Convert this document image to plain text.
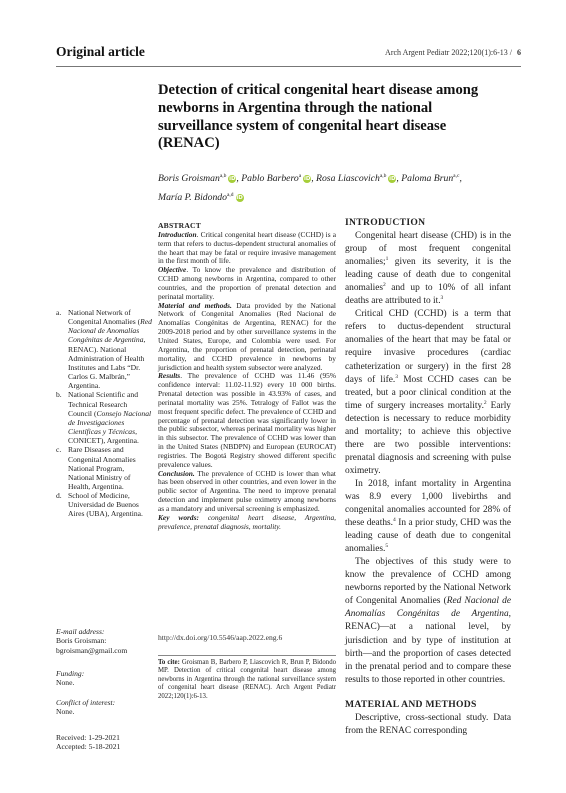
Original article	Arch Argent Pediatr 2022;120(1):6-13 / 6
Detection of critical congenital heart disease among newborns in Argentina through the national surveillance system of congenital heart disease (RENAC)
Boris Groisman$^{a,b}$iD, Pablo Barbero$^a$iD, Rosa Liascovich$^{a,b}$iD, Paloma Brun$^{a,c}$,
María P. Bidondo$^{a,d}$iD
ABSTRACT

Introduction. Critical congenital heart disease (CCHD) is a term that refers to ductus-dependent structural anomalies of the heart that may be fatal or require invasive management in the first month of life.

Objective. To know the prevalence and distribution of CCHD among newborns in Argentina, compared to other countries, and the proportion of prenatal detection and perinatal mortality.

Material and methods. Data provided by the National Network of Congenital Anomalies (Red Nacional de Anomalías Congénitas de Argentina, RENAC) for the 2009-2018 period and by other surveillance systems in the United States, Europe, and Colombia were used. For Argentina, the proportion of prenatal detection, perinatal mortality, and CCHD prevalence in newborns by jurisdiction and health system subsector were analyzed.

Results. The prevalence of CCHD was 11.46 (95% confidence interval: 11.02-11.92) every 10 000 births. Prenatal detection was possible in 43.93% of cases, and perinatal mortality was 25%. Tetralogy of Fallot was the most frequent specific defect. The prevalence of CCHD and percentage of prenatal detection was significantly lower in the public subsector, whereas perinatal mortality was higher in this subsector. The prevalence of CCHD was lower than in the United States (NBDPN) and European (EUROCAT) registries. The Bogotá Registry showed different specific prevalence values.

Conclusion. The prevalence of CCHD is lower than what has been observed in other countries, and even lower in the public sector of Argentina. The need to improve prenatal detection and implement pulse oximetry among newborns as a mandatory and universal screening is emphasized.

Key words: congenital heart disease, Argentina, prevalence, prenatal diagnosis, mortality.

http://dx.doi.org/10.5546/aap.2022.eng.6
To cite: Groisman B, Barbero P, Liascovich R, Brun P, Bidondo MP. Detection of critical congenital heart disease among newborns in Argentina through the national surveillance system of congenital heart disease (RENAC). Arch Argent Pediatr 2022;120(1):6-13.
a. National Network of Congenital Anomalies (Red Nacional de Anomalías Congénitas de Argentina, RENAC). National Administration of Health Institutes and Labs “Dr. Carlos G. Malbrán,” Argentina.
b. National Scientific and Technical Research Council (Consejo Nacional de Investigaciones Científicas y Técnicas, CONICET), Argentina.
c. Rare Diseases and Congenital Anomalies National Program, National Ministry of Health, Argentina.
d. School of Medicine, Universidad de Buenos Aires (UBA), Argentina.
E-mail address:
Boris Groisman:
bgroisman@gmail.com
Funding:
None.
Conflict of interest:
None.
Received: 1-29-2021
Accepted: 5-18-2021
INTRODUCTION

Congenital heart disease (CHD) is in the group of most frequent congenital anomalies;$^1$ given its severity, it is the leading cause of death due to congenital anomalies$^2$ and up to 10% of all infant deaths are attributed to it.$^3$

Critical CHD (CCHD) is a term that refers to ductus-dependent structural anomalies of the heart that may be fatal or require invasive procedures (cardiac catheterization or surgery) in the first 28 days of life.$^3$ Most CCHD cases can be treated, but a poor clinical condition at the time of surgery increases mortality.$^2$ Early detection is necessary to reduce morbidity and mortality; to achieve this objective there are two possible interventions: prenatal diagnosis and screening with pulse oximetry.

In 2018, infant mortality in Argentina was 8.9 every 1,000 livebirths and congenital anomalies accounted for 28% of these deaths.$^4$ In a prior study, CHD was the leading cause of death due to congenital anomalies.$^5$

The objectives of this study were to know the prevalence of CCHD among newborns reported by the National Network of Congenital Anomalies (Red Nacional de Anomalías Congénitas de Argentina, RENAC)—at a national level, by jurisdiction and by type of institution at birth—and the proportion of cases detected in the prenatal period and to compare these results to those reported in other countries.

MATERIAL AND METHODS

Descriptive, cross-sectional study. Data from the RENAC corresponding
